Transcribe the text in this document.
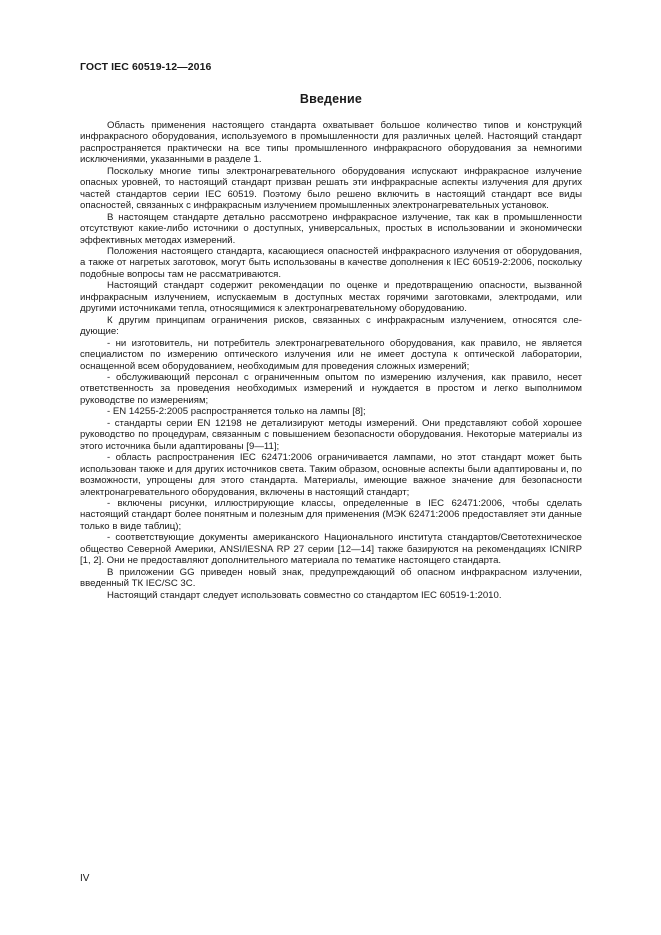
ГОСТ IEC 60519-12—2016
Введение

Область применения настоящего стандарта охватывает большое количество типов и конструкций инфракрасного оборудования, используемого в промышленности для различных целей. Настоящий стандарт распространяется практически на все типы промышленного инфракрасного оборудования за немногими исключениями, указанными в разделе 1.

Поскольку многие типы электронагревательного оборудования испускают инфракрасное излучение опасных уровней, то настоящий стандарт призван решать эти инфракрасные аспекты излучения для других частей стандартов серии IEC 60519. Поэтому было решено включить в настоящий стандарт все виды опасностей, связанных с инфракрасным излучением промышленных электронагревательных установок.

В настоящем стандарте детально рассмотрено инфракрасное излучение, так как в промышленности отсутствуют какие-либо источники о доступных, универсальных, простых в использовании и экономически эффективных методах измерений.

Положения настоящего стандарта, касающиеся опасностей инфракрасного излучения от оборудования, а также от нагретых заготовок, могут быть использованы в качестве дополнения к IEC 60519-2:2006, поскольку подобные вопросы там не рассматриваются.

Настоящий стандарт содержит рекомендации по оценке и предотвращению опасности, вызванной инфракрасным излучением, испускаемым в доступных местах горячими заготовками, электродами, или другими источниками тепла, относящимися к электронагревательному оборудованию.

К другим принципам ограничения рисков, связанных с инфракрасным излучением, относятся следующие:

- ни изготовитель, ни потребитель электронагревательного оборудования, как правило, не является специалистом по измерению оптического излучения или не имеет доступа к оптической лаборатории, оснащенной всем оборудованием, необходимым для проведения сложных измерений;

- обслуживающий персонал с ограниченным опытом по измерению излучения, как правило, несет ответственность за проведения необходимых измерений и нуждается в простом и легко выполнимом руководстве по измерениям;

- EN 14255-2:2005 распространяется только на лампы [8];

- стандарты серии EN 12198 не детализируют методы измерений. Они представляют собой хорошее руководство по процедурам, связанным с повышением безопасности оборудования. Некоторые материалы из этого источника были адаптированы [9—11];

- область распространения IEC 62471:2006 ограничивается лампами, но этот стандарт может быть использован также и для других источников света. Таким образом, основные аспекты были адаптированы и, по возможности, упрощены для этого стандарта. Материалы, имеющие важное значение для безопасности электронагревательного оборудования, включены в настоящий стандарт;

- включены рисунки, иллюстрирующие классы, определенные в IEC 62471:2006, чтобы сделать настоящий стандарт более понятным и полезным для применения (МЭК 62471:2006 предоставляет эти данные только в виде таблиц);

- соответствующие документы американского Национального института стандартов/Светотехническое общество Северной Америки, ANSI/IESNA RP 27 серии [12—14] также базируются на рекомендациях ICNIRP [1, 2]. Они не предоставляют дополнительного материала по тематике настоящего стандарта.

В приложении GG приведен новый знак, предупреждающий об опасном инфракрасном излучении, введенный ТК IEC/SC 3C.

Настоящий стандарт следует использовать совместно со стандартом IEC 60519-1:2010.

IV
